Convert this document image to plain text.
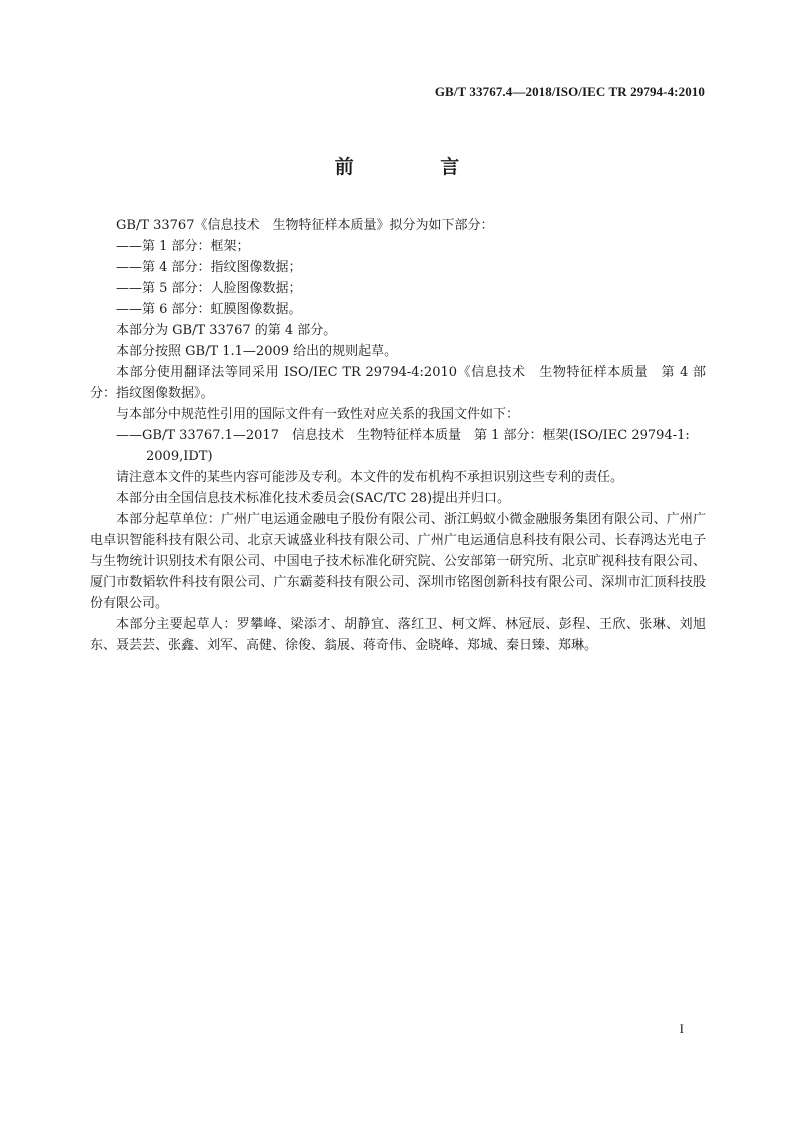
GB/T 33767.4—2018/ISO/IEC TR 29794-4:2010
前 言

GB/T 33767《信息技术　生物特征样本质量》拟分为如下部分：

——第 1 部分：框架；

——第 4 部分：指纹图像数据；

——第 5 部分：人脸图像数据；

——第 6 部分：虹膜图像数据。

本部分为 GB/T 33767 的第 4 部分。

本部分按照 GB/T 1.1—2009 给出的规则起草。

本部分使用翻译法等同采用 ISO/IEC TR 29794-4:2010《信息技术　生物特征样本质量　第 4 部分：指纹图像数据》。

与本部分中规范性引用的国际文件有一致性对应关系的我国文件如下：

——GB/T 33767.1—2017　信息技术　生物特征样本质量　第 1 部分：框架(ISO/IEC 29794-1:
2009,IDT)

请注意本文件的某些内容可能涉及专利。本文件的发布机构不承担识别这些专利的责任。

本部分由全国信息技术标准化技术委员会(SAC/TC 28)提出并归口。

本部分起草单位：广州广电运通金融电子股份有限公司、浙江蚂蚁小微金融服务集团有限公司、广州广电卓识智能科技有限公司、北京天诚盛业科技有限公司、广州广电运通信息科技有限公司、长春鸿达光电子与生物统计识别技术有限公司、中国电子技术标准化研究院、公安部第一研究所、北京旷视科技有限公司、厦门市数韬软件科技有限公司、广东霸菱科技有限公司、深圳市铭图创新科技有限公司、深圳市汇顶科技股份有限公司。

本部分主要起草人：罗攀峰、梁添才、胡静宜、落红卫、柯文辉、林冠辰、彭程、王欣、张琳、刘旭东、聂芸芸、张鑫、刘军、高健、徐俊、翁展、蒋奇伟、金晓峰、郑城、秦日臻、郑琳。

I
